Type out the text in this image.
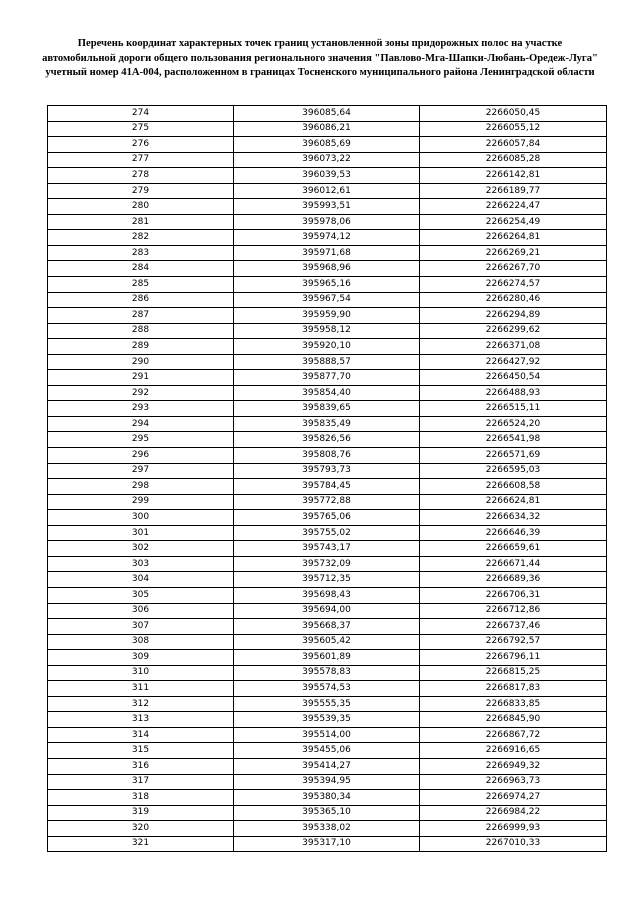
Перечень координат характерных точек границ установленной зоны придорожных полос на участке автомобильной дороги общего пользования регионального значения "Павлово-Мга-Шапки-Любань-Оредеж-Луга" учетный номер 41А-004, расположенном в границах Тосненского муниципального района Ленинградской области
274	396085,64	2266050,45
275	396086,21	2266055,12
276	396085,69	2266057,84
277	396073,22	2266085,28
278	396039,53	2266142,81
279	396012,61	2266189,77
280	395993,51	2266224,47
281	395978,06	2266254,49
282	395974,12	2266264,81
283	395971,68	2266269,21
284	395968,96	2266267,70
285	395965,16	2266274,57
286	395967,54	2266280,46
287	395959,90	2266294,89
288	395958,12	2266299,62
289	395920,10	2266371,08
290	395888,57	2266427,92
291	395877,70	2266450,54
292	395854,40	2266488,93
293	395839,65	2266515,11
294	395835,49	2266524,20
295	395826,56	2266541,98
296	395808,76	2266571,69
297	395793,73	2266595,03
298	395784,45	2266608,58
299	395772,88	2266624,81
300	395765,06	2266634,32
301	395755,02	2266646,39
302	395743,17	2266659,61
303	395732,09	2266671,44
304	395712,35	2266689,36
305	395698,43	2266706,31
306	395694,00	2266712,86
307	395668,37	2266737,46
308	395605,42	2266792,57
309	395601,89	2266796,11
310	395578,83	2266815,25
311	395574,53	2266817,83
312	395555,35	2266833,85
313	395539,35	2266845,90
314	395514,00	2266867,72
315	395455,06	2266916,65
316	395414,27	2266949,32
317	395394,95	2266963,73
318	395380,34	2266974,27
319	395365,10	2266984,22
320	395338,02	2266999,93
321	395317,10	2267010,33
